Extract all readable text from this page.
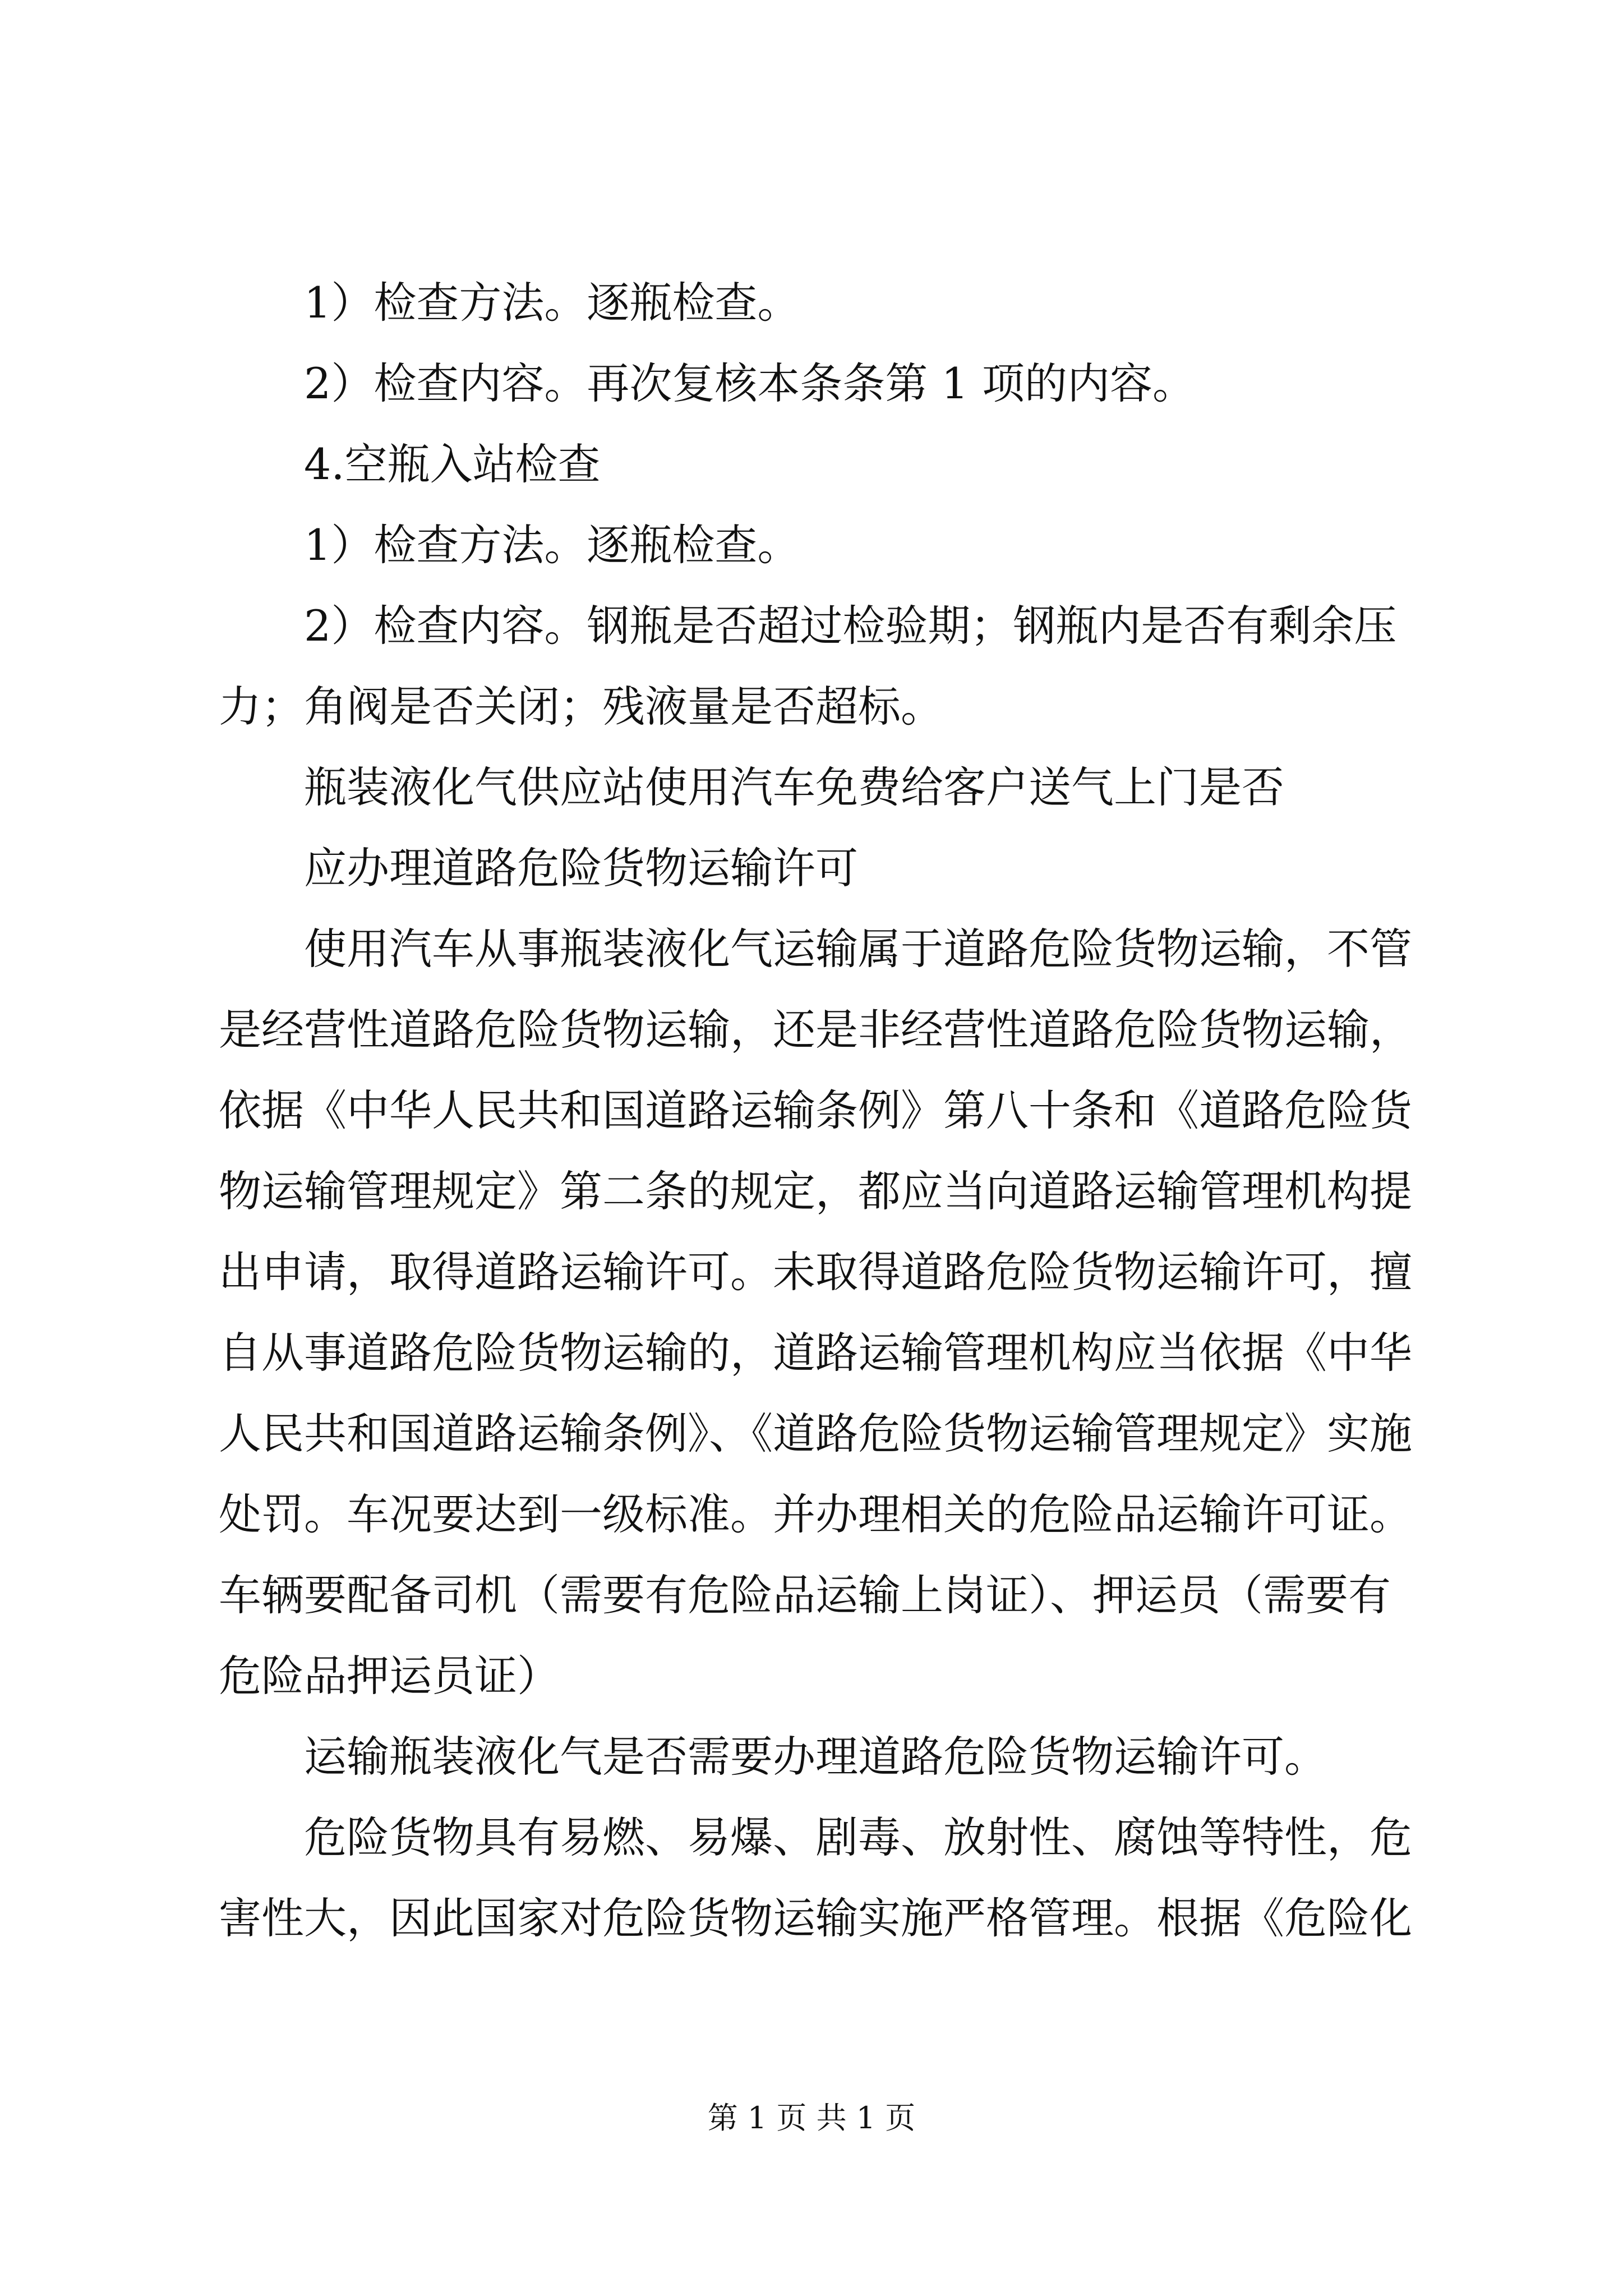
1）检查方法。逐瓶检查。
2）检查内容。再次复核本条条第 1 项的内容。
4.空瓶入站检查
1）检查方法。逐瓶检查。
2）检查内容。钢瓶是否超过检验期；钢瓶内是否有剩余压
力；角阀是否关闭；残液量是否超标。
瓶装液化气供应站使用汽车免费给客户送气上门是否
应办理道路危险货物运输许可
使用汽车从事瓶装液化气运输属于道路危险货物运输，不管
是经营性道路危险货物运输，还是非经营性道路危险货物运输，
依据《中华人民共和国道路运输条例》第八十条和《道路危险货
物运输管理规定》第二条的规定，都应当向道路运输管理机构提
出申请，取得道路运输许可。未取得道路危险货物运输许可，擅
自从事道路危险货物运输的，道路运输管理机构应当依据《中华
人民共和国道路运输条例》、《道路危险货物运输管理规定》实施
处罚。车况要达到一级标准。并办理相关的危险品运输许可证。
车辆要配备司机（需要有危险品运输上岗证）、押运员（需要有
危险品押运员证）
运输瓶装液化气是否需要办理道路危险货物运输许可。
危险货物具有易燃、易爆、剧毒、放射性、腐蚀等特性，危
害性大，因此国家对危险货物运输实施严格管理。根据《危险化
第 1 页 共 1 页
